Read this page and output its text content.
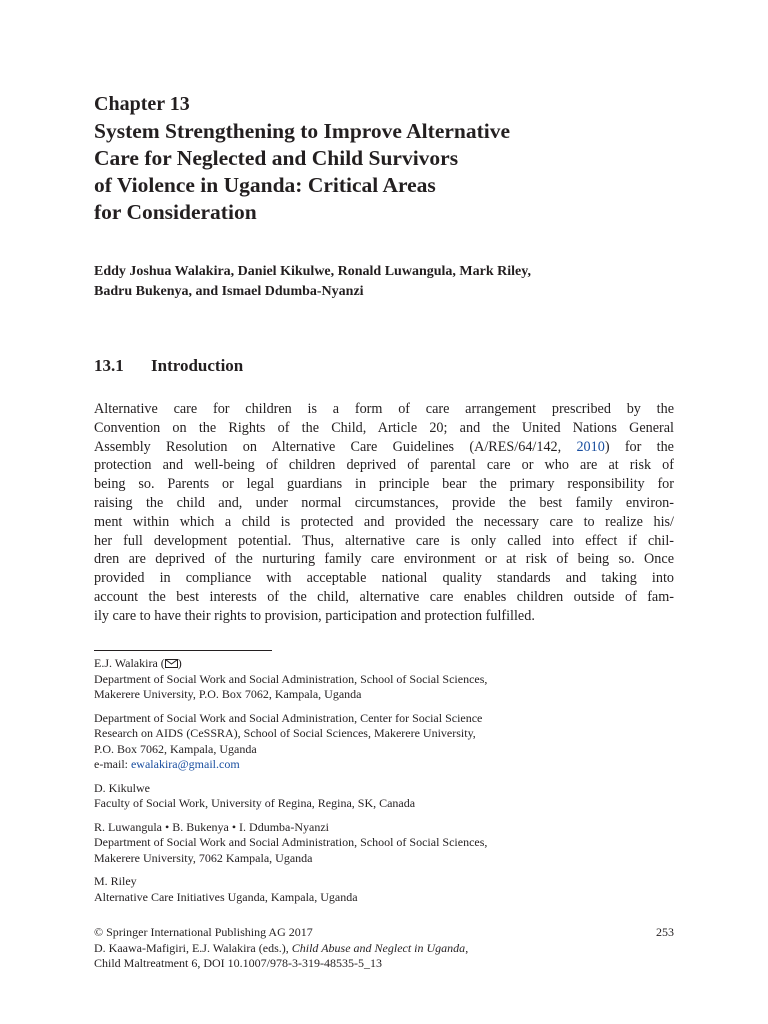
Chapter 13
System Strengthening to Improve Alternative
Care for Neglected and Child Survivors
of Violence in Uganda: Critical Areas
for Consideration
Eddy Joshua Walakira, Daniel Kikulwe, Ronald Luwangula, Mark Riley,
Badru Bukenya, and Ismael Ddumba-Nyanzi
13.1 Introduction
Alternative care for children is a form of care arrangement prescribed by the
Convention on the Rights of the Child, Article 20; and the United Nations General
Assembly Resolution on Alternative Care Guidelines (A/RES/64/142, 2010) for the
protection and well-being of children deprived of parental care or who are at risk of
being so. Parents or legal guardians in principle bear the primary responsibility for
raising the child and, under normal circumstances, provide the best family environ-
ment within which a child is protected and provided the necessary care to realize his/
her full development potential. Thus, alternative care is only called into effect if chil-
dren are deprived of the nurturing family care environment or at risk of being so. Once
provided in compliance with acceptable national quality standards and taking into
account the best interests of the child, alternative care enables children outside of fam-
ily care to have their rights to provision, participation and protection fulfilled.
E.J. Walakira ( )
Department of Social Work and Social Administration, School of Social Sciences,
Makerere University, P.O. Box 7062, Kampala, Uganda
Department of Social Work and Social Administration, Center for Social Science
Research on AIDS (CeSSRA), School of Social Sciences, Makerere University,
P.O. Box 7062, Kampala, Uganda
e-mail: ewalakira@gmail.com
D. Kikulwe
Faculty of Social Work, University of Regina, Regina, SK, Canada
R. Luwangula • B. Bukenya • I. Ddumba-Nyanzi
Department of Social Work and Social Administration, School of Social Sciences,
Makerere University, 7062 Kampala, Uganda
M. Riley
Alternative Care Initiatives Uganda, Kampala, Uganda
© Springer International Publishing AG 2017
D. Kaawa-Mafigiri, E.J. Walakira (eds.), Child Abuse and Neglect in Uganda,
Child Maltreatment 6, DOI 10.1007/978-3-319-48535-5_13
253
